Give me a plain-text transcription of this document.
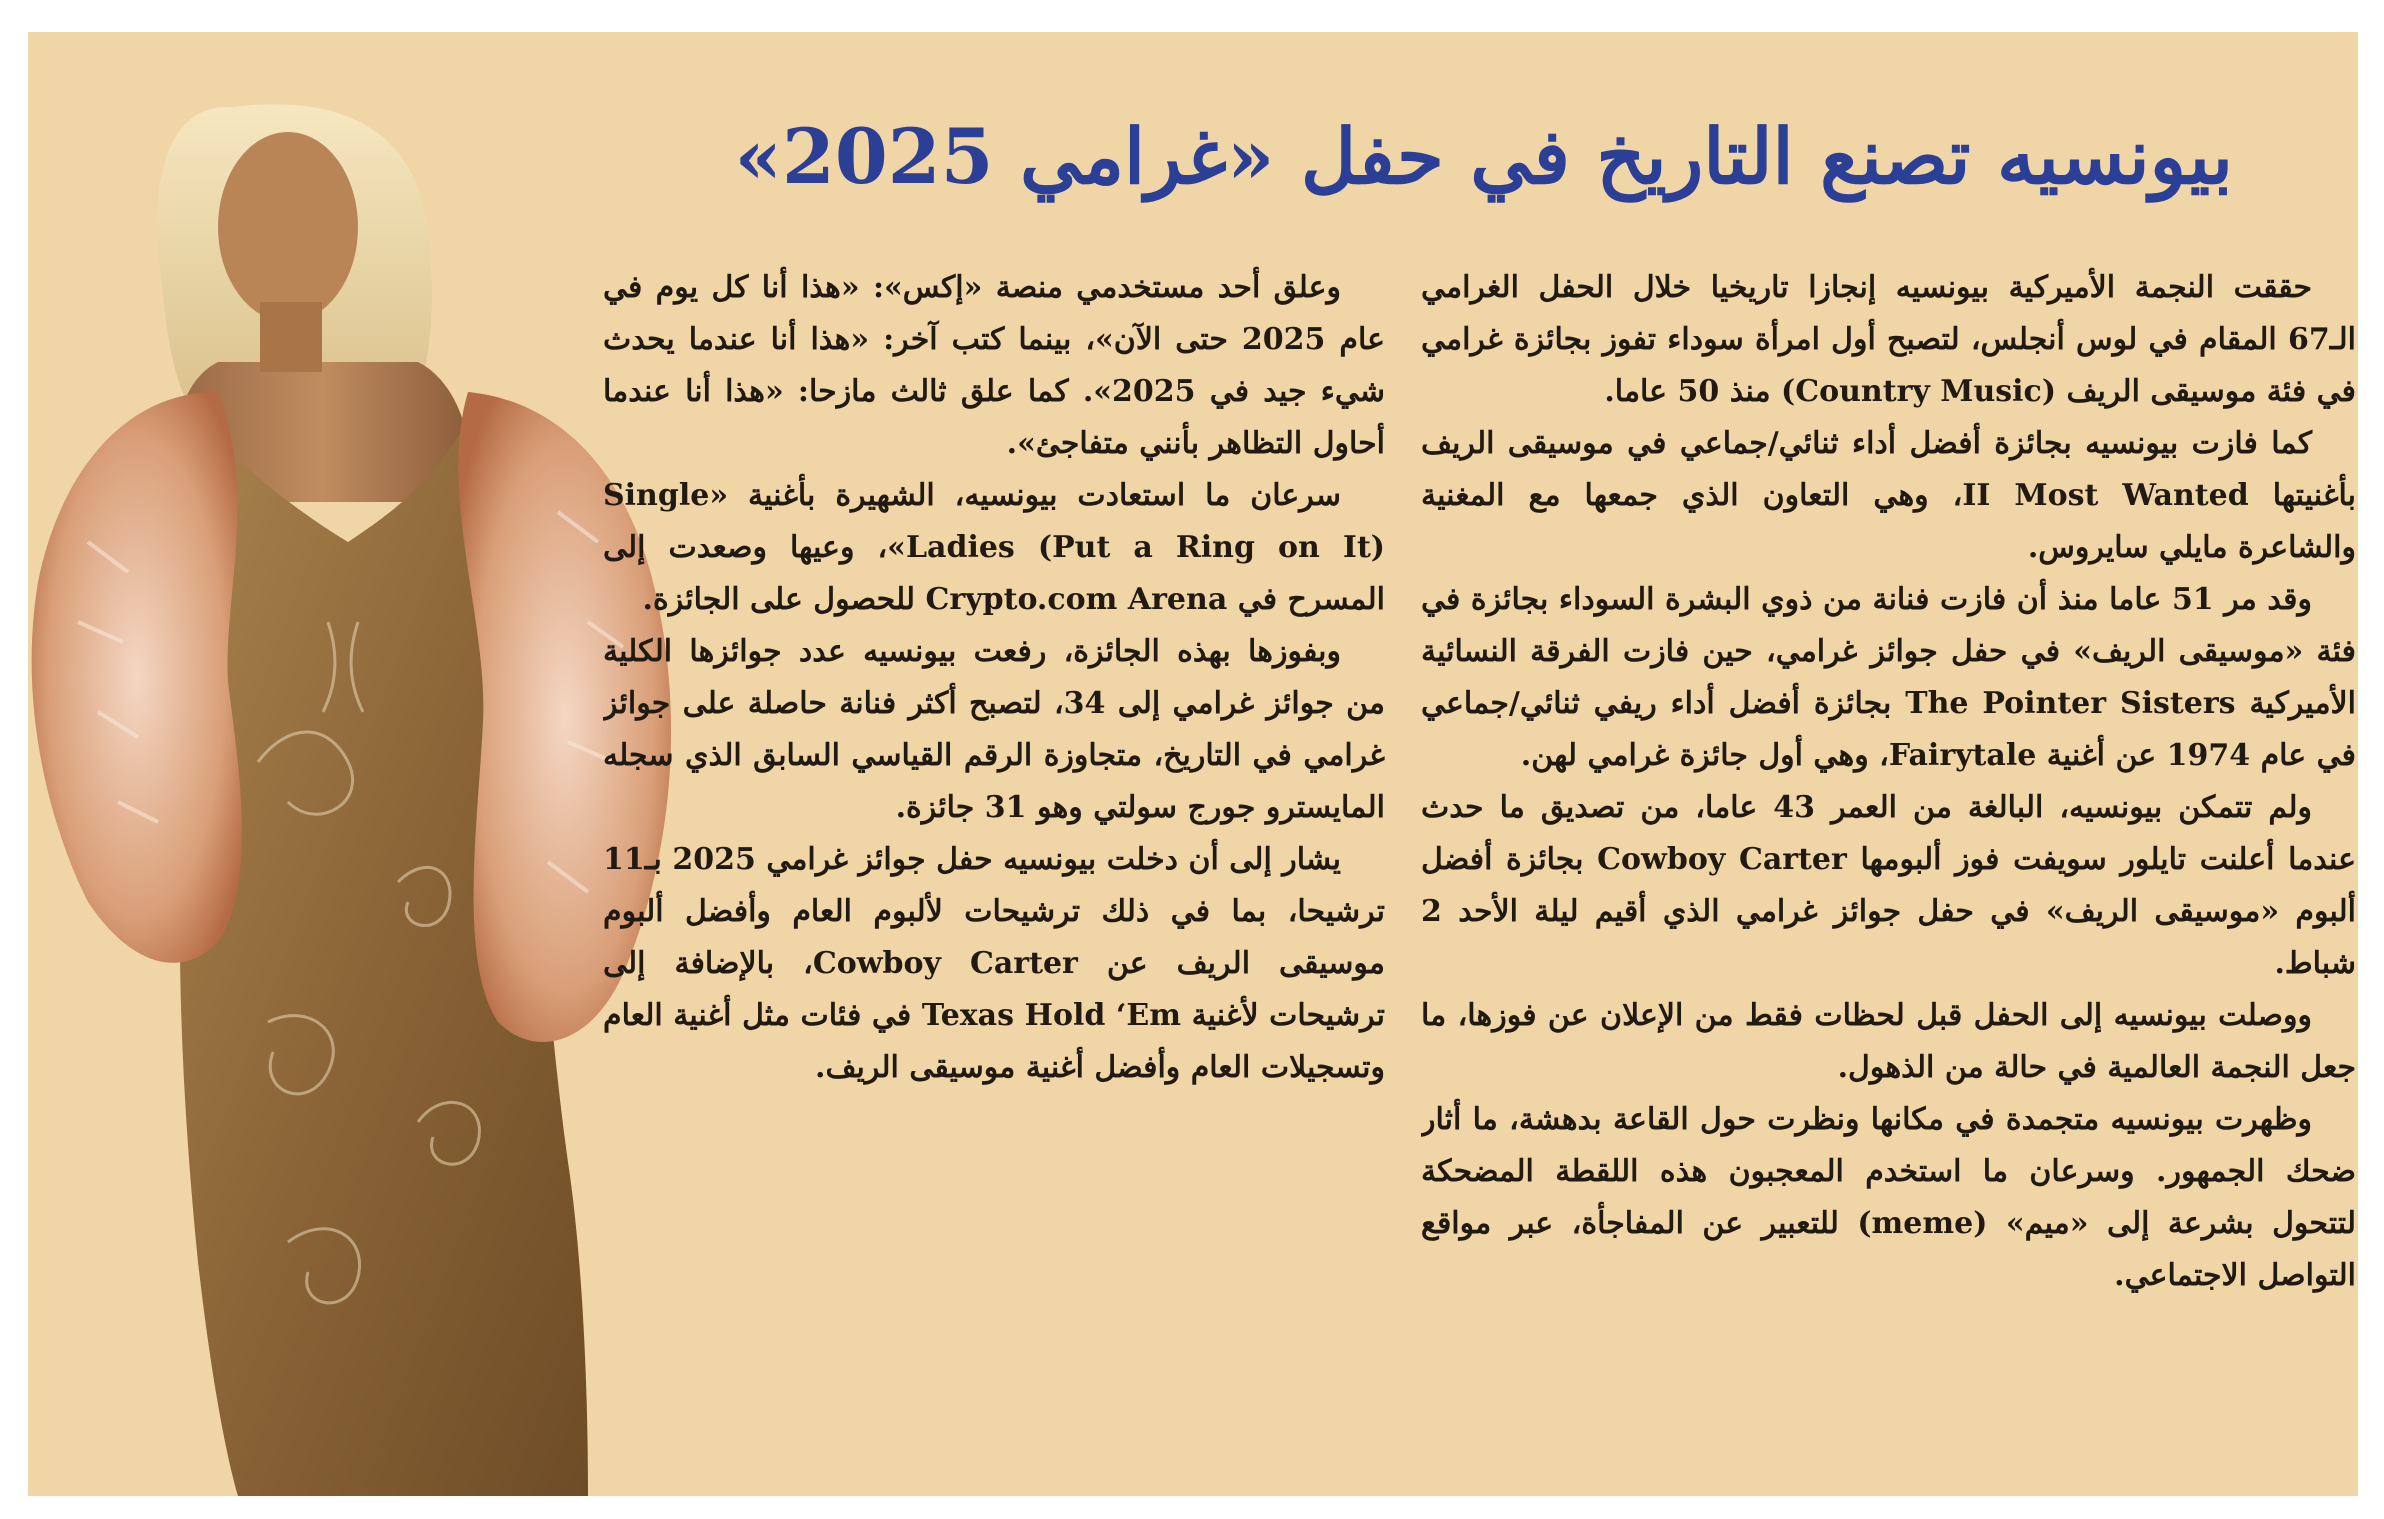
بيونسيه تصنع التاريخ في حفل «غرامي 2025»

حققت النجمة الأميركية بيونسيه إنجازا تاريخيا خلال الحفل الغرامي الـ67 المقام في لوس أنجلس، لتصبح أول امرأة سوداء تفوز بجائزة غرامي في فئة موسيقى الريف (Country Music) منذ 50 عاما.

كما فازت بيونسيه بجائزة أفضل أداء ثنائي/جماعي في موسيقى الريف بأغنيتها II Most Wanted، وهي التعاون الذي جمعها مع المغنية والشاعرة مايلي سايروس.

وقد مر 51 عاما منذ أن فازت فنانة من ذوي البشرة السوداء بجائزة في فئة «موسيقى الريف» في حفل جوائز غرامي، حين فازت الفرقة النسائية الأميركية The Pointer Sisters بجائزة أفضل أداء ريفي ثنائي/جماعي في عام 1974 عن أغنية Fairytale، وهي أول جائزة غرامي لهن.

ولم تتمكن بيونسيه، البالغة من العمر 43 عاما، من تصديق ما حدث عندما أعلنت تايلور سويفت فوز ألبومها Cowboy Carter بجائزة أفضل ألبوم «موسيقى الريف» في حفل جوائز غرامي الذي أقيم ليلة الأحد 2 شباط.

ووصلت بيونسيه إلى الحفل قبل لحظات فقط من الإعلان عن فوزها، ما جعل النجمة العالمية في حالة من الذهول.

وظهرت بيونسيه متجمدة في مكانها ونظرت حول القاعة بدهشة، ما أثار ضحك الجمهور. وسرعان ما استخدم المعجبون هذه اللقطة المضحكة لتتحول بشرعة إلى «ميم» (meme) للتعبير عن المفاجأة، عبر مواقع التواصل الاجتماعي.

وعلق أحد مستخدمي منصة «إكس»: «هذا أنا كل يوم في عام 2025 حتى الآن»، بينما كتب آخر: «هذا أنا عندما يحدث شيء جيد في 2025». كما علق ثالث مازحا: «هذا أنا عندما أحاول التظاهر بأنني متفاجئ».

سرعان ما استعادت بيونسيه، الشهيرة بأغنية «Single Ladies (Put a Ring on It)»، وعيها وصعدت إلى المسرح في Crypto.com Arena للحصول على الجائزة.

وبفوزها بهذه الجائزة، رفعت بيونسيه عدد جوائزها الكلية من جوائز غرامي إلى 34، لتصبح أكثر فنانة حاصلة على جوائز غرامي في التاريخ، متجاوزة الرقم القياسي السابق الذي سجله المايسترو جورج سولتي وهو 31 جائزة.

يشار إلى أن دخلت بيونسيه حفل جوائز غرامي 2025 بـ11 ترشيحا، بما في ذلك ترشيحات لألبوم العام وأفضل ألبوم موسيقى الريف عن Cowboy Carter، بالإضافة إلى ترشيحات لأغنية Texas Hold ‘Em في فئات مثل أغنية العام وتسجيلات العام وأفضل أغنية موسيقى الريف.
